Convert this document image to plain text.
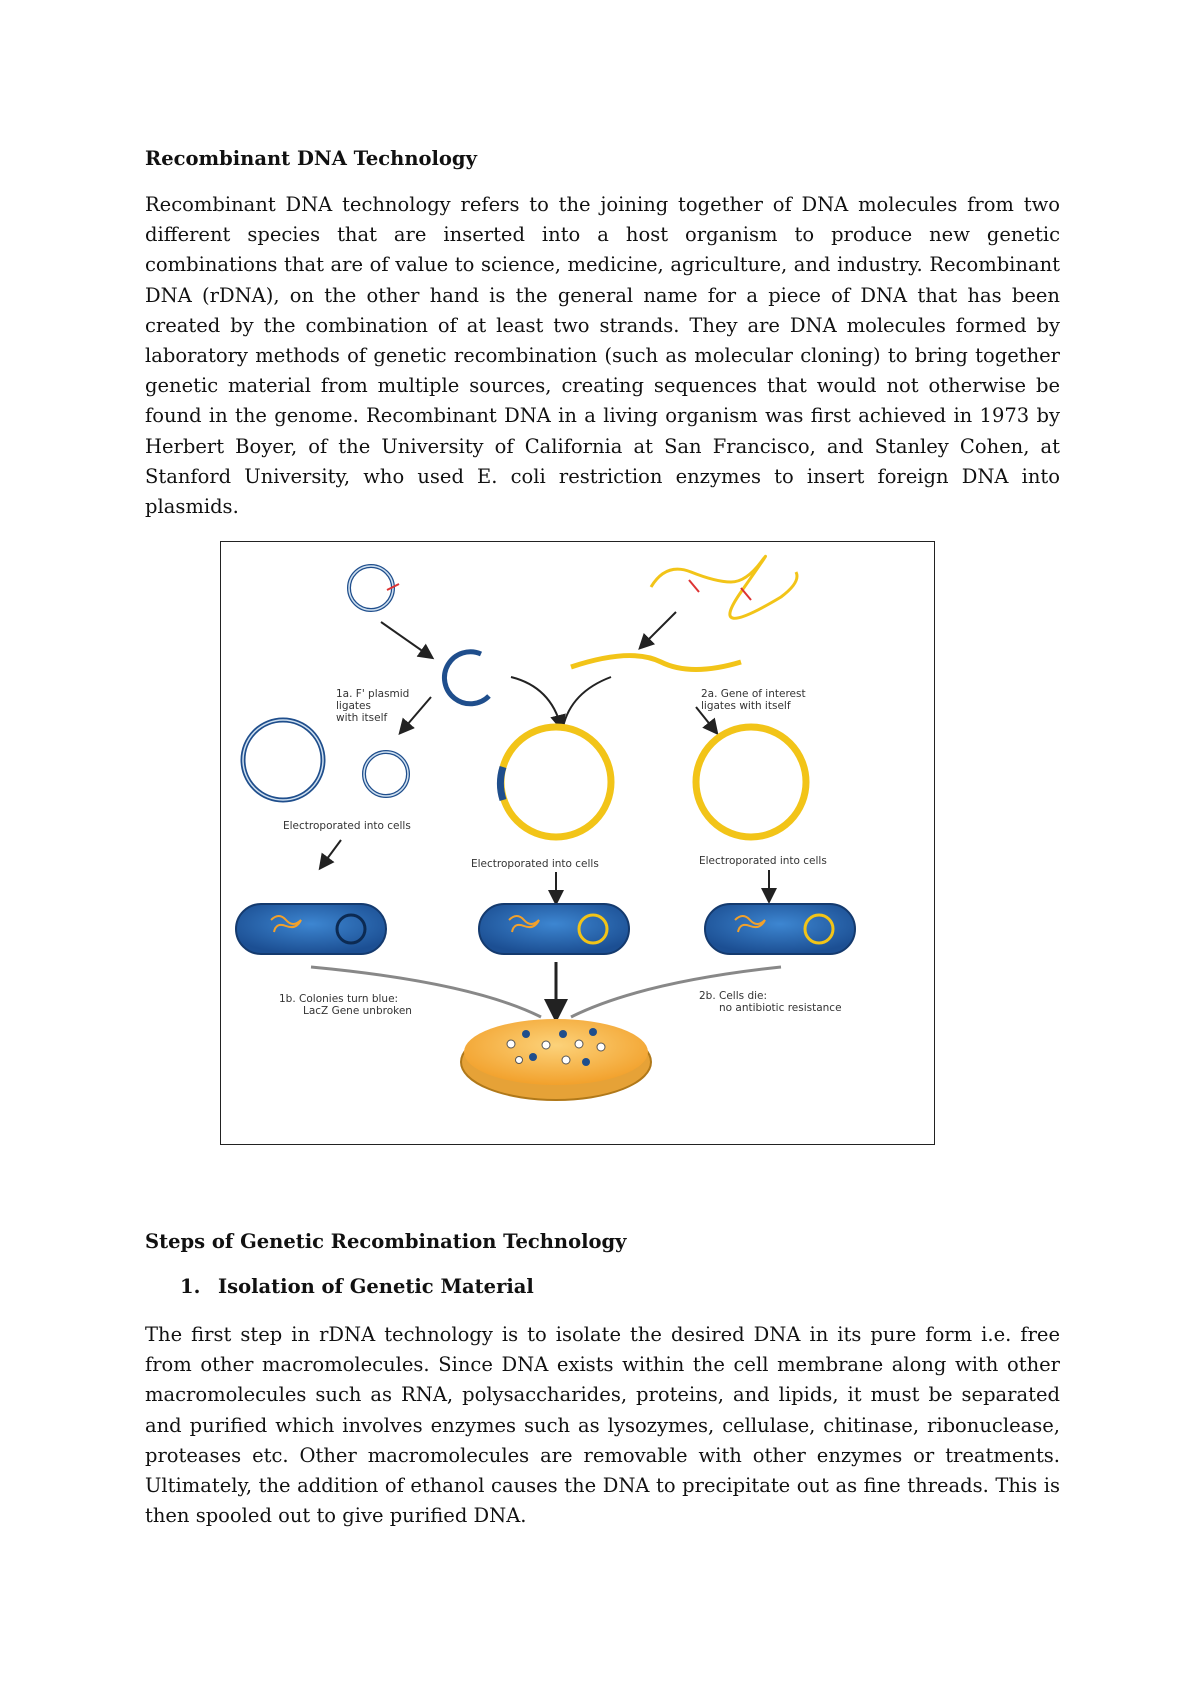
Recombinant DNA Technology

Recombinant DNA technology refers to the joining together of DNA molecules from two different species that are inserted into a host organism to produce new genetic combinations that are of value to science, medicine, agriculture, and industry. Recombinant DNA (rDNA), on the other hand is the general name for a piece of DNA that has been created by the combination of at least two strands. They are DNA molecules formed by laboratory methods of genetic recombination (such as molecular cloning) to bring together genetic material from multiple sources, creating sequences that would not otherwise be found in the genome. Recombinant DNA in a living organism was first achieved in 1973 by Herbert Boyer, of the University of California at San Francisco, and Stanley Cohen, at Stanford University, who used E. coli restriction enzymes to insert foreign DNA into plasmids.

1a. F' plasmid
ligates
with itself
2a. Gene of interest
ligates with itself
Electroporated into cells
Electroporated into cells	Electroporated into cells
1b. Colonies turn blue:
LacZ Gene unbroken
2b. Cells die:
no antibiotic resistance
Steps of Genetic Recombination Technology
1. Isolation of Genetic Material

The first step in rDNA technology is to isolate the desired DNA in its pure form i.e. free from other macromolecules. Since DNA exists within the cell membrane along with other macromolecules such as RNA, polysaccharides, proteins, and lipids, it must be separated and purified which involves enzymes such as lysozymes, cellulase, chitinase, ribonuclease, proteases etc. Other macromolecules are removable with other enzymes or treatments. Ultimately, the addition of ethanol causes the DNA to precipitate out as fine threads. This is then spooled out to give purified DNA.
